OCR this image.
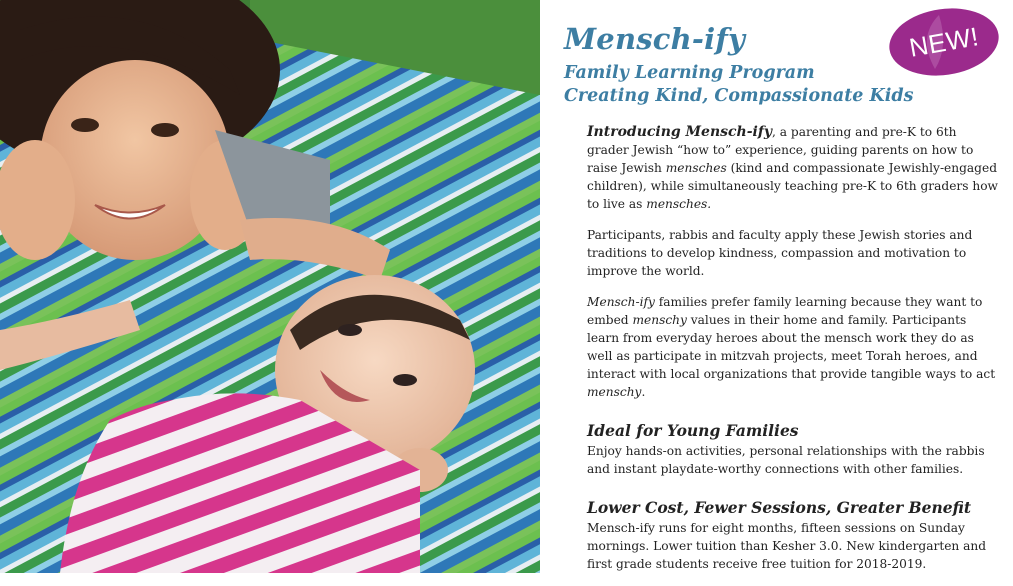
Mensch-ify
Family Learning Program
Creating Kind, Compassionate Kids
NEW!

Introducing Mensch-ify, a parenting and pre-K to 6th grader Jewish “how to” experience, guiding parents on how to raise Jewish mensches (kind and compassionate Jewishly-engaged children), while simultaneously teaching pre-K to 6th graders how to live as mensches.

Participants, rabbis and faculty apply these Jewish stories and traditions to develop kindness, compassion and motivation to improve the world.

Mensch-ify families prefer family learning because they want to embed menschy values in their home and family. Participants learn from everyday heroes about the mensch work they do as well as participate in mitzvah projects, meet Torah heroes, and interact with local organizations that provide tangible ways to act menschy.

Ideal for Young Families

Enjoy hands-on activities, personal relationships with the rabbis and instant playdate-worthy connections with other families.

Lower Cost, Fewer Sessions, Greater Benefit

Mensch-ify runs for eight months, fifteen sessions on Sunday mornings. Lower tuition than Kesher 3.0. New kindergarten and first grade students receive free tuition for 2018-2019.
